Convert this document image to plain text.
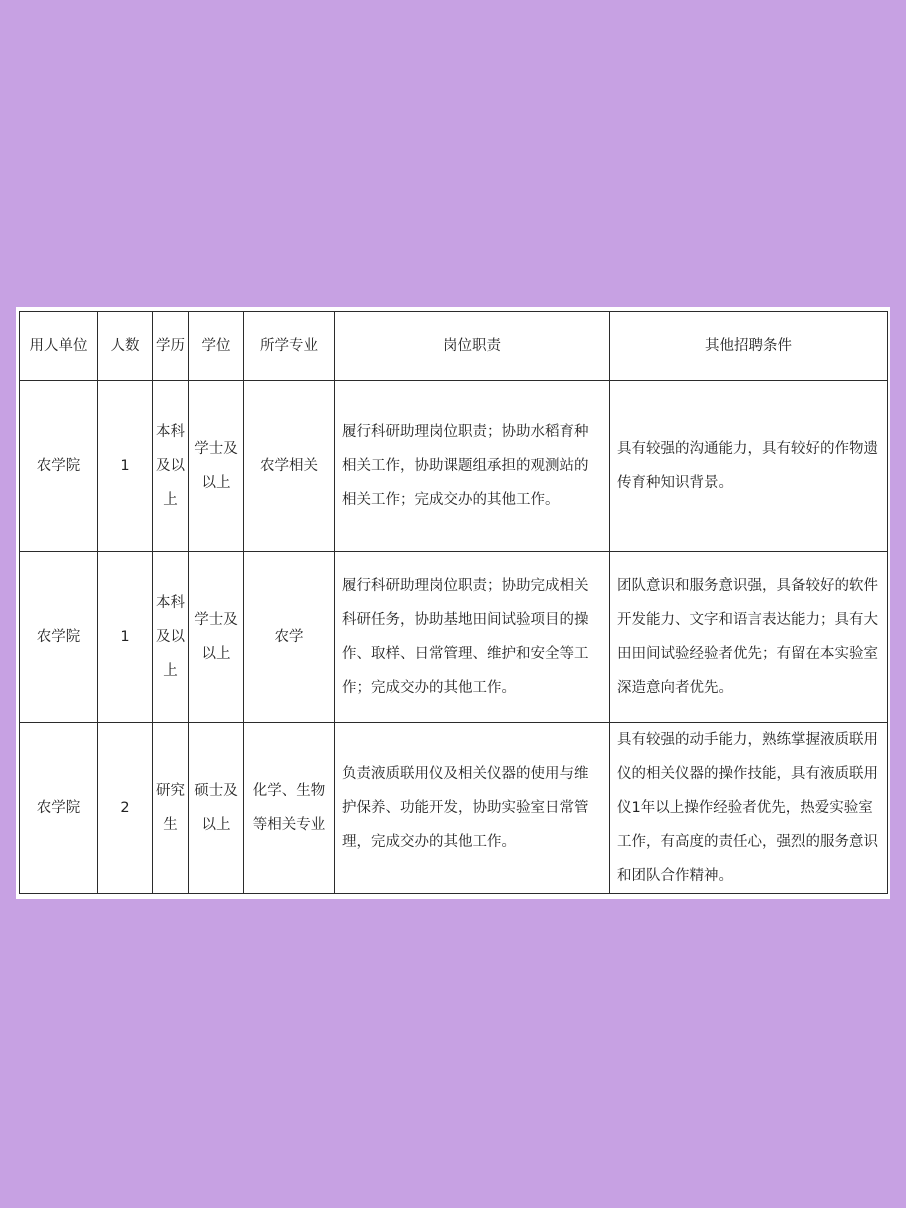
用人单位	人数	学历	学位	所学专业	岗位职责	其他招聘条件
农学院	1	本科及以上	学士及以上	农学相关	履行科研助理岗位职责；协助水稻育种相关工作，协助课题组承担的观测站的相关工作；完成交办的其他工作。	具有较强的沟通能力，具有较好的作物遗传育种知识背景。
农学院	1	本科及以上	学士及以上	农学	履行科研助理岗位职责；协助完成相关科研任务，协助基地田间试验项目的操作、取样、日常管理、维护和安全等工作；完成交办的其他工作。	团队意识和服务意识强，具备较好的软件开发能力、文字和语言表达能力；具有大田田间试验经验者优先；有留在本实验室深造意向者优先。
农学院	2	研究生	硕士及以上	化学、生物等相关专业	负责液质联用仪及相关仪器的使用与维护保养、功能开发，协助实验室日常管理，完成交办的其他工作。	具有较强的动手能力，熟练掌握液质联用仪的相关仪器的操作技能，具有液质联用仪1年以上操作经验者优先，热爱实验室工作，有高度的责任心，强烈的服务意识和团队合作精神。
